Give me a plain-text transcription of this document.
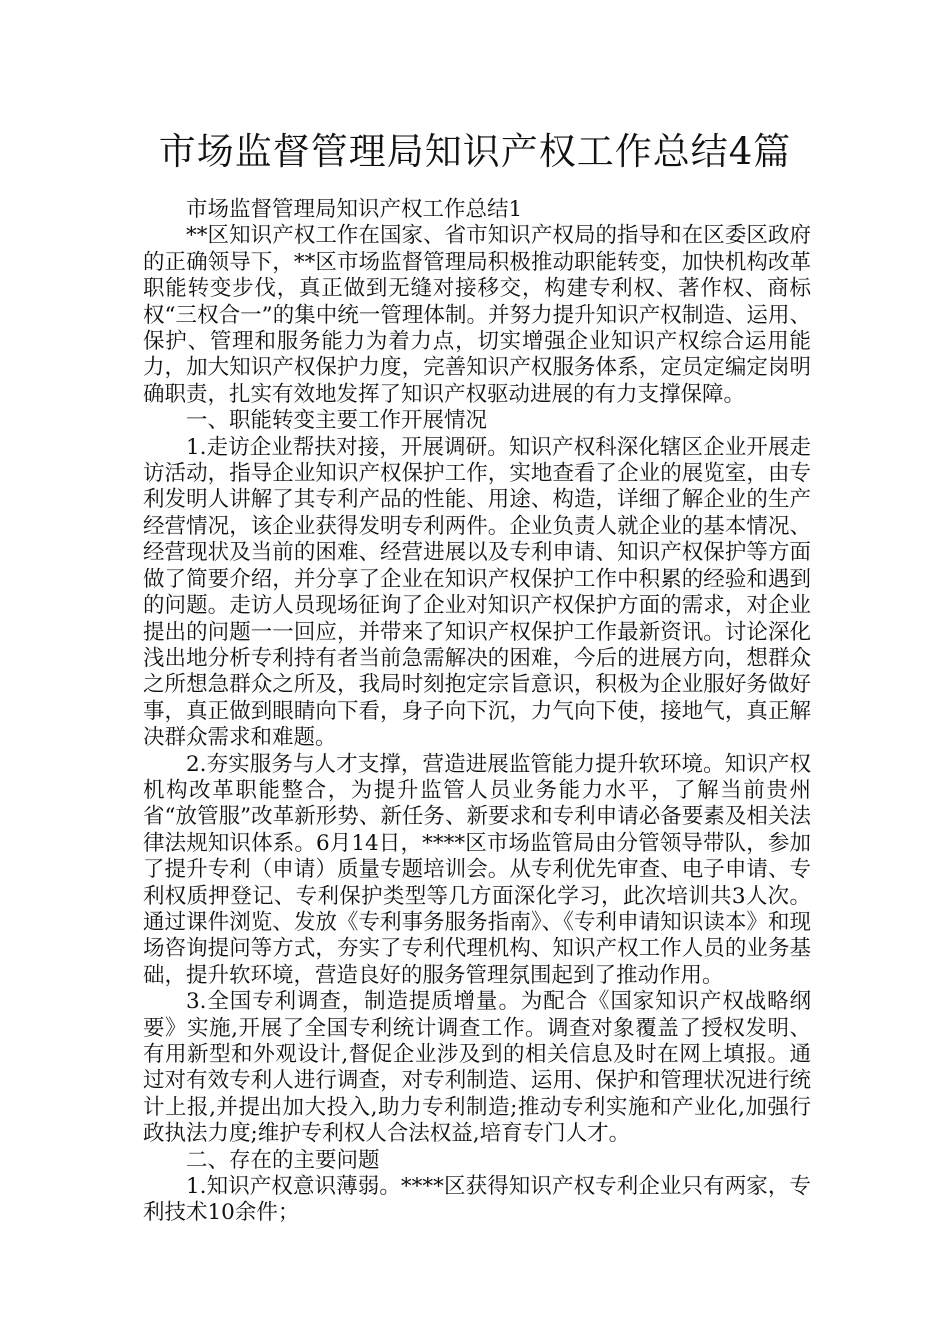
市场监督管理局知识产权工作总结4篇

市场监督管理局知识产权工作总结1

**区知识产权工作在国家、省市知识产权局的指导和在区委区政府的正确领导下，**区市场监督管理局积极推动职能转变，加快机构改革职能转变步伐，真正做到无缝对接移交，构建专利权、著作权、商标权“三权合一”的集中统一管理体制。并努力提升知识产权制造、运用、保护、管理和服务能力为着力点，切实增强企业知识产权综合运用能力，加大知识产权保护力度，完善知识产权服务体系，定员定编定岗明确职责，扎实有效地发挥了知识产权驱动进展的有力支撑保障。

一、职能转变主要工作开展情况

1.走访企业帮扶对接，开展调研。知识产权科深化辖区企业开展走访活动，指导企业知识产权保护工作，实地查看了企业的展览室，由专利发明人讲解了其专利产品的性能、用途、构造，详细了解企业的生产经营情况，该企业获得发明专利两件。企业负责人就企业的基本情况、经营现状及当前的困难、经营进展以及专利申请、知识产权保护等方面做了简要介绍，并分享了企业在知识产权保护工作中积累的经验和遇到的问题。走访人员现场征询了企业对知识产权保护方面的需求，对企业提出的问题一一回应，并带来了知识产权保护工作最新资讯。讨论深化浅出地分析专利持有者当前急需解决的困难，今后的进展方向，想群众之所想急群众之所及，我局时刻抱定宗旨意识，积极为企业服好务做好事，真正做到眼睛向下看，身子向下沉，力气向下使，接地气，真正解决群众需求和难题。

2.夯实服务与人才支撑，营造进展监管能力提升软环境。知识产权机构改革职能整合，为提升监管人员业务能力水平，了解当前贵州省“放管服”改革新形势、新任务、新要求和专利申请必备要素及相关法律法规知识体系。6月14日，****区市场监管局由分管领导带队，参加了提升专利（申请）质量专题培训会。从专利优先审查、电子申请、专利权质押登记、专利保护类型等几方面深化学习，此次培训共3人次。通过课件浏览、发放《专利事务服务指南》、《专利申请知识读本》和现场咨询提问等方式，夯实了专利代理机构、知识产权工作人员的业务基础，提升软环境，营造良好的服务管理氛围起到了推动作用。

3.全国专利调查，制造提质增量。为配合《国家知识产权战略纲要》实施,开展了全国专利统计调查工作。调查对象覆盖了授权发明、有用新型和外观设计,督促企业涉及到的相关信息及时在网上填报。通过对有效专利人进行调查，对专利制造、运用、保护和管理状况进行统计上报,并提出加大投入,助力专利制造;推动专利实施和产业化,加强行政执法力度;维护专利权人合法权益,培育专门人才。

二、存在的主要问题

1.知识产权意识薄弱。****区获得知识产权专利企业只有两家，专利技术10余件；
